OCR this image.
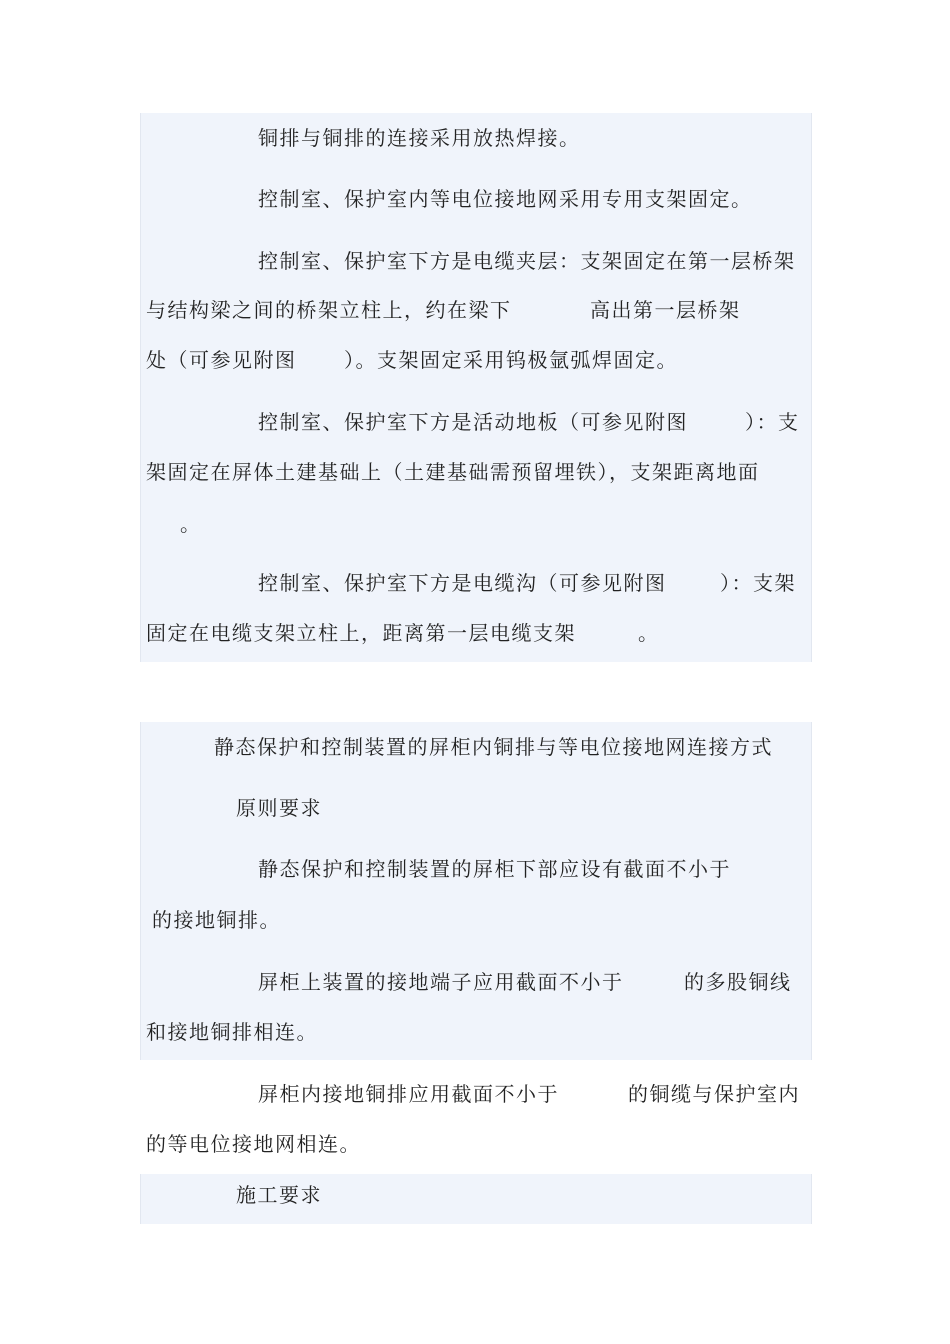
铜排与铜排的连接采用放热焊接。
控制室、保护室内等电位接地网采用专用支架固定。
控制室、保护室下方是电缆夹层：支架固定在第一层桥架
与结构梁之间的桥架立柱上，约在梁下	高出第一层桥架
处（可参见附图 ）。支架固定采用钨极氩弧焊固定。
控制室、保护室下方是活动地板（可参见附图	）：支
架固定在屏体土建基础上（土建基础需预留埋铁），支架距离地面
。
控制室、保护室下方是电缆沟（可参见附图	）：支架
固定在电缆支架立柱上，距离第一层电缆支架	。
静态保护和控制装置的屏柜内铜排与等电位接地网连接方式
原则要求
静态保护和控制装置的屏柜下部应设有截面不小于
的接地铜排。
屏柜上装置的接地端子应用截面不小于	的多股铜线
和接地铜排相连。
屏柜内接地铜排应用截面不小于	的铜缆与保护室内
的等电位接地网相连。
施工要求
